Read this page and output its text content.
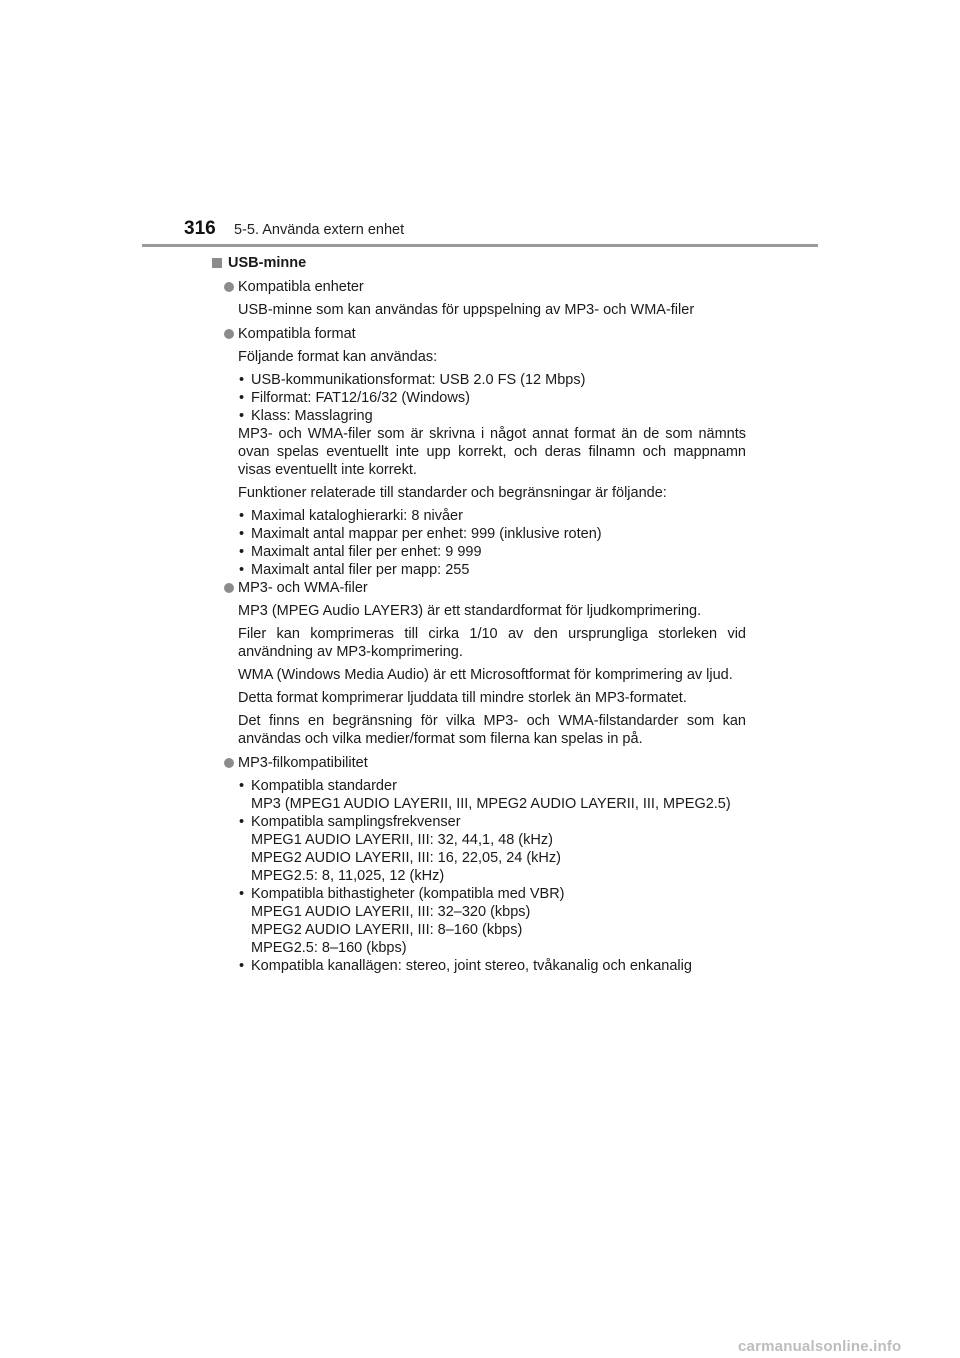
316 5-5. Använda extern enhet
USB-minne
Kompatibla enheter
USB-minne som kan användas för uppspelning av MP3- och WMA-filer
Kompatibla format
Följande format kan användas:
• USB-kommunikationsformat: USB 2.0 FS (12 Mbps)
• Filformat: FAT12/16/32 (Windows)
• Klass: Masslagring
MP3- och WMA-filer som är skrivna i något annat format än de som nämnts ovan spelas eventuellt inte upp korrekt, och deras filnamn och mappnamn visas eventuellt inte korrekt.
Funktioner relaterade till standarder och begränsningar är följande:
• Maximal kataloghierarki: 8 nivåer
• Maximalt antal mappar per enhet: 999 (inklusive roten)
• Maximalt antal filer per enhet: 9 999
• Maximalt antal filer per mapp: 255
MP3- och WMA-filer
MP3 (MPEG Audio LAYER3) är ett standardformat för ljudkomprimering.
Filer kan komprimeras till cirka 1/10 av den ursprungliga storleken vid användning av MP3-komprimering.
WMA (Windows Media Audio) är ett Microsoftformat för komprimering av ljud.
Detta format komprimerar ljuddata till mindre storlek än MP3-formatet.
Det finns en begränsning för vilka MP3- och WMA-filstandarder som kan användas och vilka medier/format som filerna kan spelas in på.
MP3-filkompatibilitet
• Kompatibla standarder
MP3 (MPEG1 AUDIO LAYERII, III, MPEG2 AUDIO LAYERII, III, MPEG2.5)
• Kompatibla samplingsfrekvenser
MPEG1 AUDIO LAYERII, III: 32, 44,1, 48 (kHz)
MPEG2 AUDIO LAYERII, III: 16, 22,05, 24 (kHz)
MPEG2.5: 8, 11,025, 12 (kHz)
• Kompatibla bithastigheter (kompatibla med VBR)
MPEG1 AUDIO LAYERII, III: 32–320 (kbps)
MPEG2 AUDIO LAYERII, III: 8–160 (kbps)
MPEG2.5: 8–160 (kbps)
• Kompatibla kanallägen: stereo, joint stereo, tvåkanalig och enkanalig
carmanualsonline.info
